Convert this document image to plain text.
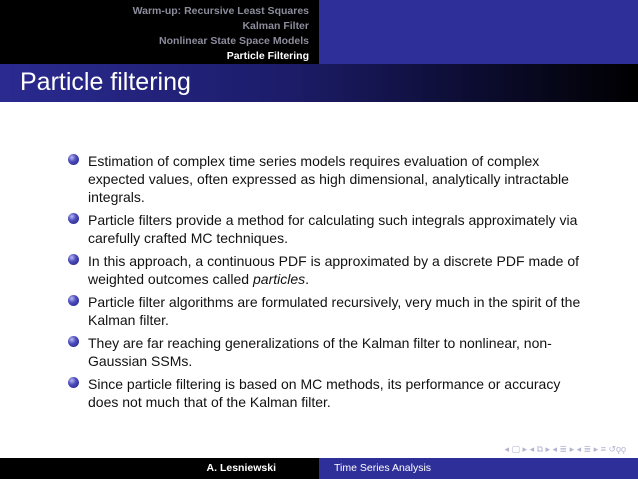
Warm-up: Recursive Least Squares
Kalman Filter
Nonlinear State Space Models
Particle Filtering
Particle filtering
Estimation of complex time series models requires evaluation of complex expected values, often expressed as high dimensional, analytically intractable integrals.
Particle filters provide a method for calculating such integrals approximately via carefully crafted MC techniques.
In this approach, a continuous PDF is approximated by a discrete PDF made of weighted outcomes called particles.
Particle filter algorithms are formulated recursively, very much in the spirit of the Kalman filter.
They are far reaching generalizations of the Kalman filter to nonlinear, non-Gaussian SSMs.
Since particle filtering is based on MC methods, its performance or accuracy does not much that of the Kalman filter.
◂ ▢ ▸ ◂ ⧉ ▸ ◂ ≣ ▸ ◂ ≣ ▸ ≡ ↺ǫǫ
A. Lesniewski	Time Series Analysis
